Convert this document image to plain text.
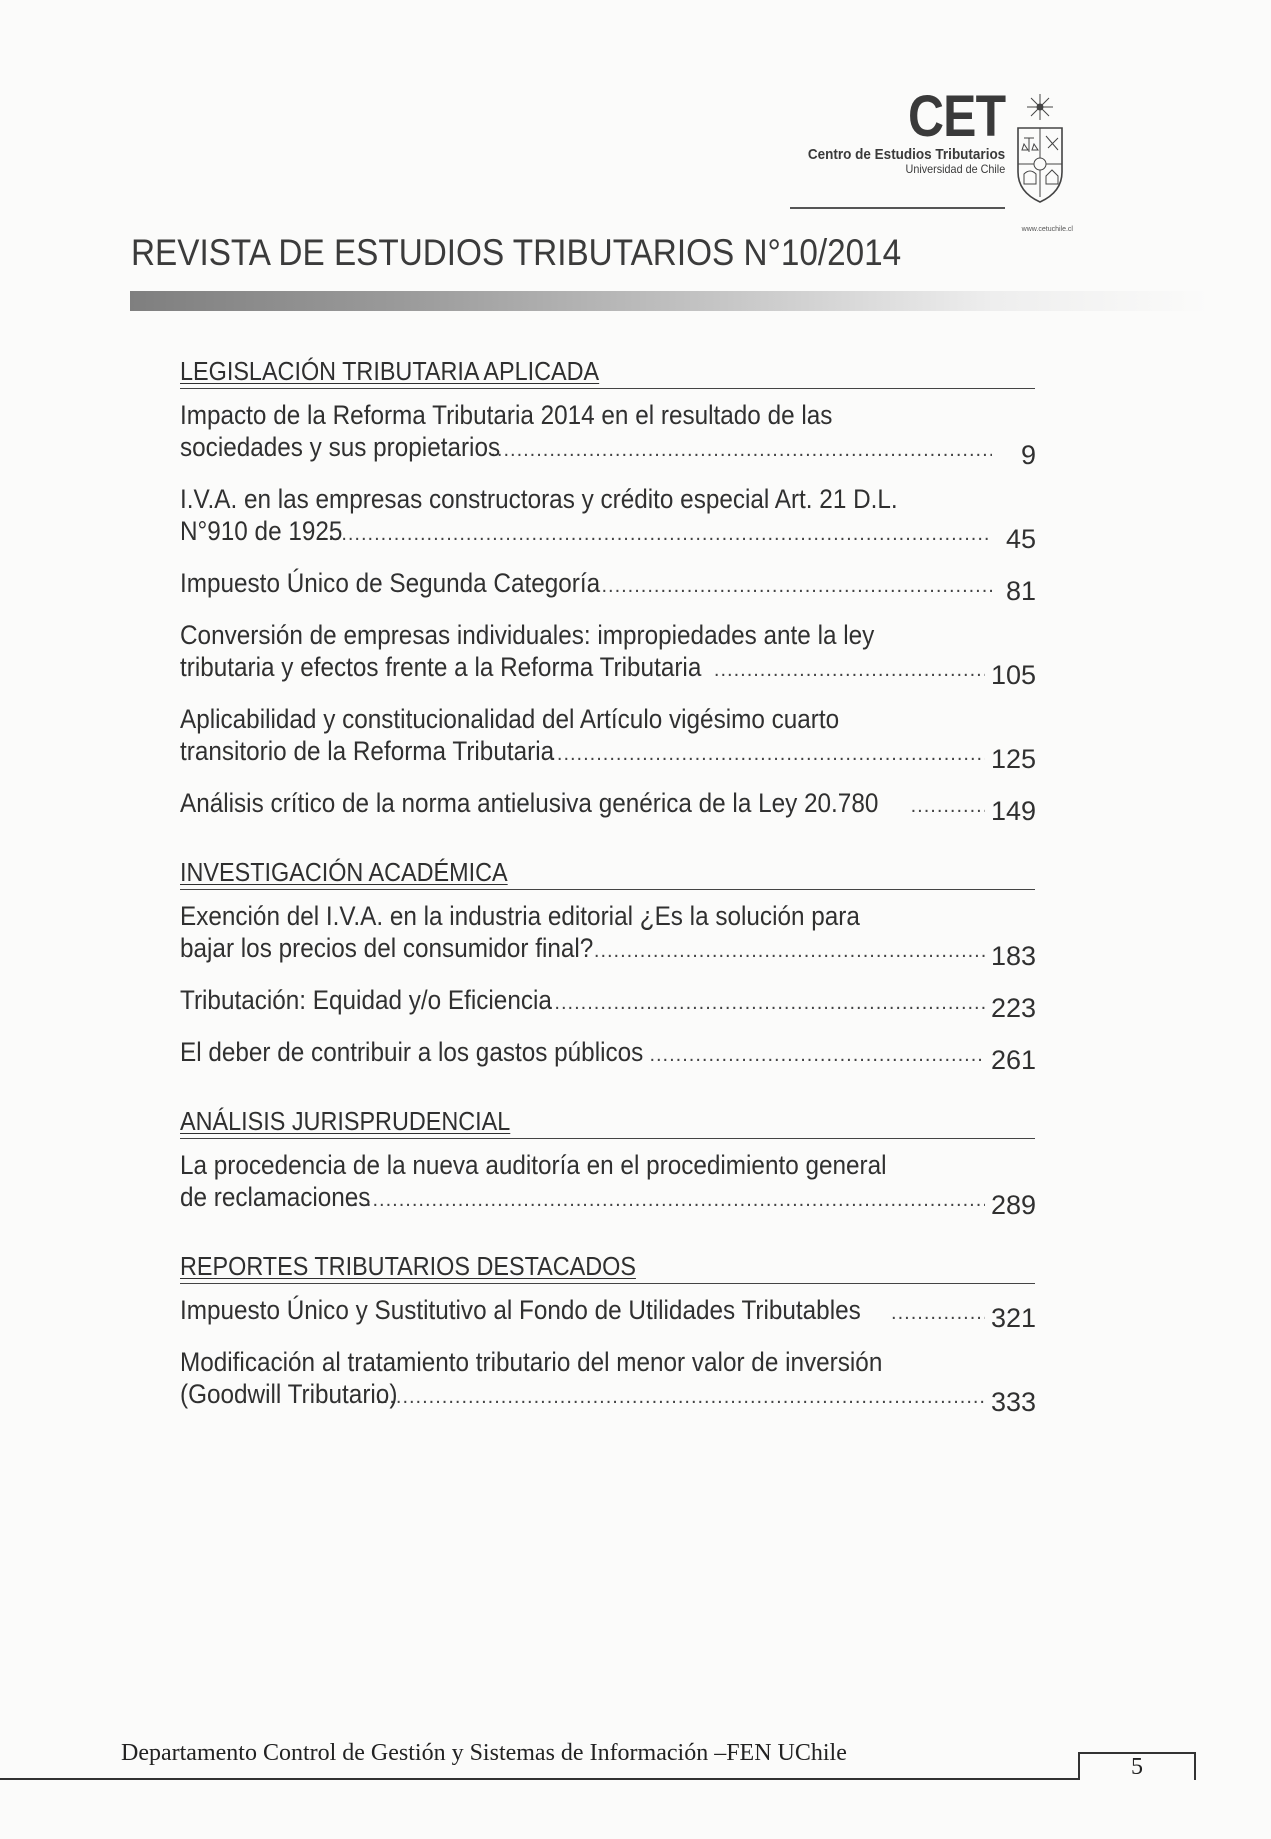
CET
Centro de Estudios Tributarios
Universidad de Chile
www.cetuchile.cl
REVISTA DE ESTUDIOS TRIBUTARIOS N°10/2014
LEGISLACIÓN TRIBUTARIA APLICADA
Impacto de la Reforma Tributaria 2014 en el resultado de las
sociedades y sus propietarios .....	9
I.V.A. en las empresas constructoras y crédito especial Art. 21 D.L.
N°910 de 1925 .....	45
Impuesto Único de Segunda Categoría .....	81
Conversión de empresas individuales: impropiedades ante la ley
tributaria y efectos frente a la Reforma Tributaria .....	105
Aplicabilidad y constitucionalidad del Artículo vigésimo cuarto
transitorio de la Reforma Tributaria .....	125
Análisis crítico de la norma antielusiva genérica de la Ley 20.780 .....	149
INVESTIGACIÓN ACADÉMICA
Exención del I.V.A. en la industria editorial ¿Es la solución para
bajar los precios del consumidor final? .....	183
Tributación: Equidad y/o Eficiencia .....	223
El deber de contribuir a los gastos públicos .....	261
ANÁLISIS JURISPRUDENCIAL
La procedencia de la nueva auditoría en el procedimiento general
de reclamaciones .....	289
REPORTES TRIBUTARIOS DESTACADOS
Impuesto Único y Sustitutivo al Fondo de Utilidades Tributables .....	321
Modificación al tratamiento tributario del menor valor de inversión
(Goodwill Tributario) .....	333
Departamento Control de Gestión y Sistemas de Información –FEN UChile
5
